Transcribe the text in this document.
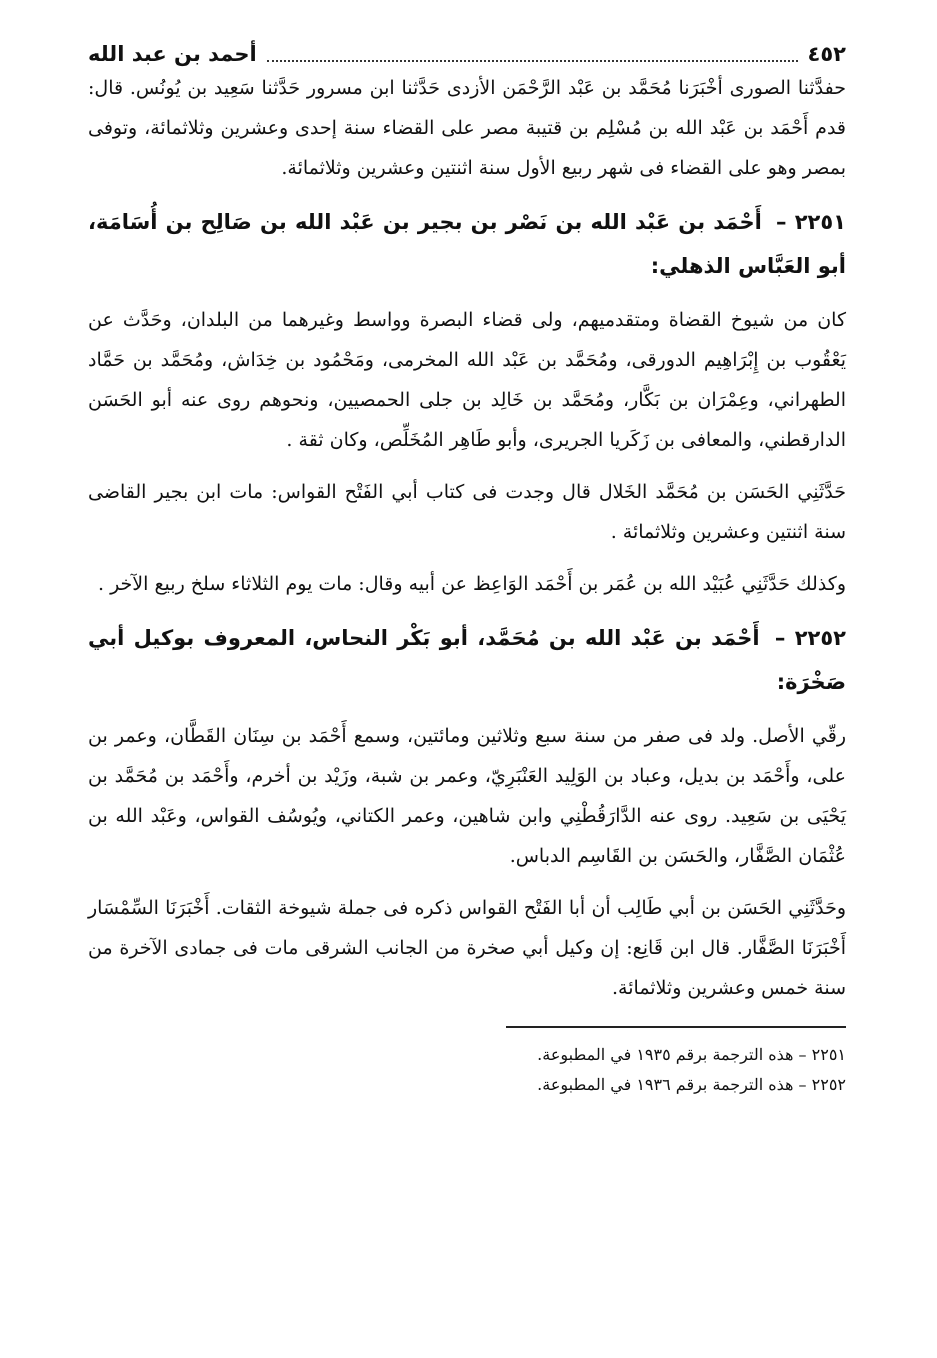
٤٥٢
أحمد بن عبد الله

حفدَّثنا الصورى أخْبَرَنا مُحَمَّد بن عَبْد الرَّحْمَن الأزدى حَدَّثنا ابن مسرور حَدَّثنا سَعِيد بن يُونُس. قال: قدم أَحْمَد بن عَبْد الله بن مُسْلِم بن قتيبة مصر على القضاء سنة إحدى وعشرين وثلاثمائة، وتوفى بمصر وهو على القضاء فى شهر ربيع الأول سنة اثنتين وعشرين وثلاثمائة.

٢٢٥١ – أَحْمَد بن عَبْد الله بن نَصْر بن بجير بن عَبْد الله بن صَالِح بن أُسَامَة، أبو العَبَّاس الذهلي:

كان من شيوخ القضاة ومتقدميهم، ولى قضاء البصرة وواسط وغيرهما من البلدان، وحَدَّث عن يَعْقُوب بن إِبْرَاهِيم الدورقى، ومُحَمَّد بن عَبْد الله المخرمى، ومَحْمُود بن خِدَاش، ومُحَمَّد بن حَمَّاد الطهراني، وعِمْرَان بن بَكَّار، ومُحَمَّد بن خَالِد بن جلى الحمصيين، ونحوهم روى عنه أبو الحَسَن الدارقطني، والمعافى بن زَكَريا الجريرى، وأبو طَاهِر المُخَلِّص، وكان ثقة .

حَدَّثَنِي الحَسَن بن مُحَمَّد الخَلال قال وجدت فى كتاب أبي الفَتْح القواس: مات ابن بجير القاضى سنة اثنتين وعشرين وثلاثمائة .

وكذلك حَدَّثَنِي عُبَيْد الله بن عُمَر بن أَحْمَد الوَاعِظ عن أبيه وقال: مات يوم الثلاثاء سلخ ربيع الآخر .

٢٢٥٢ – أَحْمَد بن عَبْد الله بن مُحَمَّد، أبو بَكْر النحاس، المعروف بوكيل أبي صَخْرَة:

رقّي الأصل. ولد فى صفر من سنة سبع وثلاثين ومائتين، وسمع أَحْمَد بن سِنَان القَطَّان، وعمر بن على، وأَحْمَد بن بديل، وعباد بن الوَلِيد العَنْبَرِيّ، وعمر بن شبة، وزَيْد بن أخرم، وأَحْمَد بن مُحَمَّد بن يَحْيَى بن سَعِيد. روى عنه الدَّارَقُطْنِي وابن شاهين، وعمر الكتاني، ويُوسُف القواس، وعَبْد الله بن عُثْمَان الصَّفَّار، والحَسَن بن القَاسِم الدباس.

وحَدَّثَنِي الحَسَن بن أبي طَالِب أن أبا الفَتْح القواس ذكره فى جملة شيوخة الثقات. أَخْبَرَنَا السِّمْسَار أَخْبَرَنَا الصَّفَّار. قال ابن قَانِع: إن وكيل أبي صخرة من الجانب الشرقى مات فى جمادى الآخرة من سنة خمس وعشرين وثلاثمائة.

٢٢٥١ – هذه الترجمة برقم ١٩٣٥ في المطبوعة.

٢٢٥٢ – هذه الترجمة برقم ١٩٣٦ في المطبوعة.
